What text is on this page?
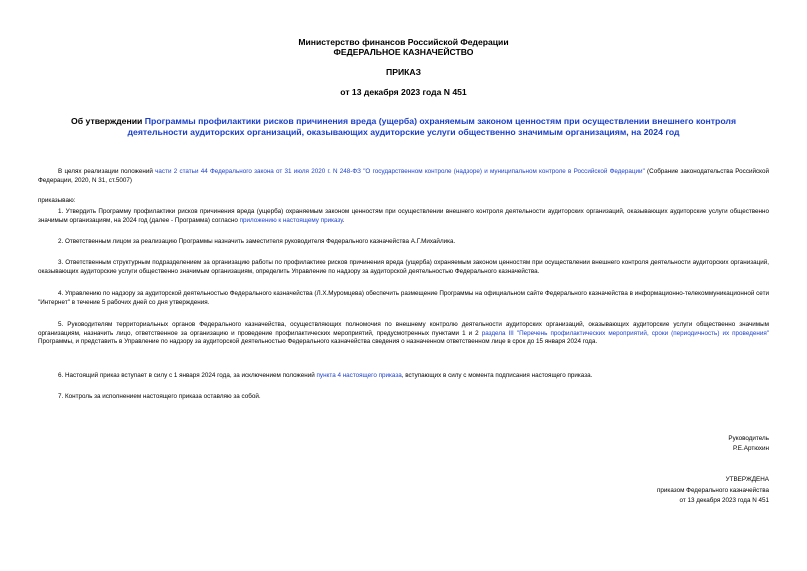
Министерство финансов Российской Федерации
ФЕДЕРАЛЬНОЕ КАЗНАЧЕЙСТВО
ПРИКАЗ
от 13 декабря 2023 года N 451
Об утверждении Программы профилактики рисков причинения вреда (ущерба) охраняемым законом ценностям при осуществлении внешнего контроля
деятельности аудиторских организаций, оказывающих аудиторские услуги общественно значимым организациям, на 2024 год
В целях реализации положений части 2 статьи 44 Федерального закона от 31 июля 2020 г. N 248-ФЗ "О государственном контроле (надзоре) и муниципальном контроле в Российской Федерации" (Собрание законодательства Российской Федерации, 2020, N 31, ст.5007)
приказываю:
1. Утвердить Программу профилактики рисков причинения вреда (ущерба) охраняемым законом ценностям при осуществлении внешнего контроля деятельности аудиторских организаций, оказывающих аудиторские услуги общественно значимым организациям, на 2024 год (далее - Программа) согласно приложению к настоящему приказу.
2. Ответственным лицом за реализацию Программы назначить заместителя руководителя Федерального казначейства А.Г.Михайлика.
3. Ответственным структурным подразделением за организацию работы по профилактике рисков причинения вреда (ущерба) охраняемым законом ценностям при осуществлении внешнего контроля деятельности аудиторских организаций, оказывающих аудиторские услуги общественно значимым организациям, определить Управление по надзору за аудиторской деятельностью Федерального казначейства.
4. Управлению по надзору за аудиторской деятельностью Федерального казначейства (Л.Х.Муромцева) обеспечить размещение Программы на официальном сайте Федерального казначейства в информационно-телекоммуникационной сети "Интернет" в течение 5 рабочих дней со дня утверждения.
5. Руководителям территориальных органов Федерального казначейства, осуществляющих полномочия по внешнему контролю деятельности аудиторских организаций, оказывающих аудиторские услуги общественно значимым организациям, назначить лицо, ответственное за организацию и проведение профилактических мероприятий, предусмотренных пунктами 1 и 2 раздела III "Перечень профилактических мероприятий, сроки (периодичность) их проведения" Программы, и представить в Управление по надзору за аудиторской деятельностью Федерального казначейства сведения о назначенном ответственном лице в срок до 15 января 2024 года.
6. Настоящий приказ вступает в силу с 1 января 2024 года, за исключением положений пункта 4 настоящего приказа, вступающих в силу с момента подписания настоящего приказа.
7. Контроль за исполнением настоящего приказа оставляю за собой.
Руководитель
Р.Е.Артюхин
УТВЕРЖДЕНА
приказом Федерального казначейства
от 13 декабря 2023 года N 451
